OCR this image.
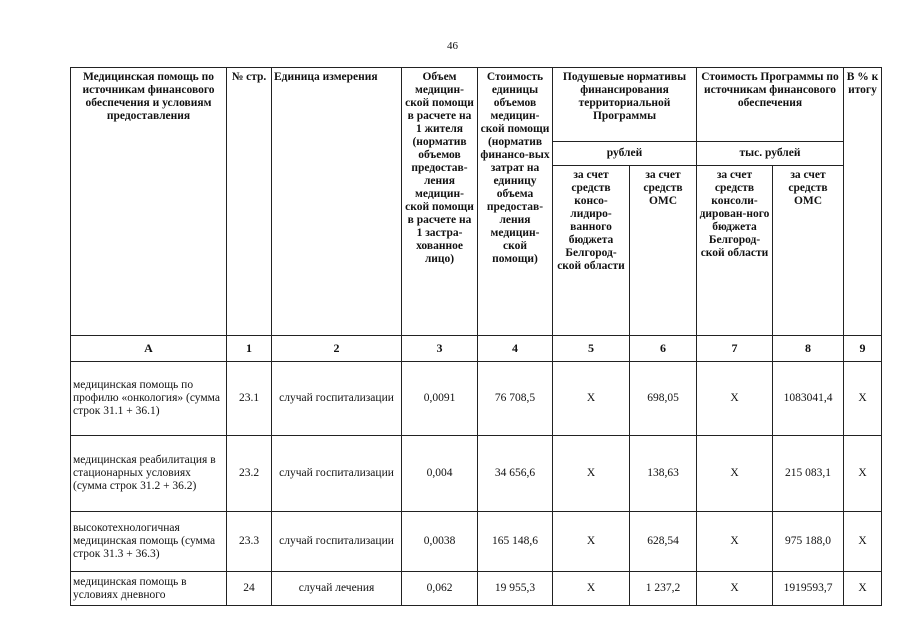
46
Медицинская помощь по источникам финансового обеспечения и условиям предоставления	№ стр.	Единица измерения	Объем медицин-ской помощи в расчете на 1 жителя (норматив объемов предостав-ления медицин-ской помощи в расчете на 1 застра-хованное лицо)	Стоимость единицы объемов медицин-ской помощи (норматив финансо-вых затрат на единицу объема предостав-ления медицин-ской помощи)	Подушевые нормативы финансирования территориальной Программы		Стоимость Программы по источникам финансового обеспечения		В % к итогу
					рублей		тыс. рублей		
					за счет средств консо-лидиро-ванного бюджета Белгород-ской области	за счет средств ОМС	за счет средств консоли-дирован-ного бюджета Белгород-ской области	за счет средств ОМС	
А	1	2	3	4	5	6	7	8	9
медицинская помощь по профилю «онкология» (сумма строк 31.1 + 36.1)	23.1	случай госпитализации	0,0091	76 708,5	Х	698,05	Х	1083041,4	Х
медицинская реабилитация в стационарных условиях (сумма строк 31.2 + 36.2)	23.2	случай госпитализации	0,004	34 656,6	Х	138,63	Х	215 083,1	Х
высокотехнологичная медицинская помощь (сумма строк 31.3 + 36.3)	23.3	случай госпитализации	0,0038	165 148,6	Х	628,54	Х	975 188,0	Х
медицинская помощь в условиях дневного	24	случай лечения	0,062	19 955,3	Х	1 237,2	Х	1919593,7	Х
